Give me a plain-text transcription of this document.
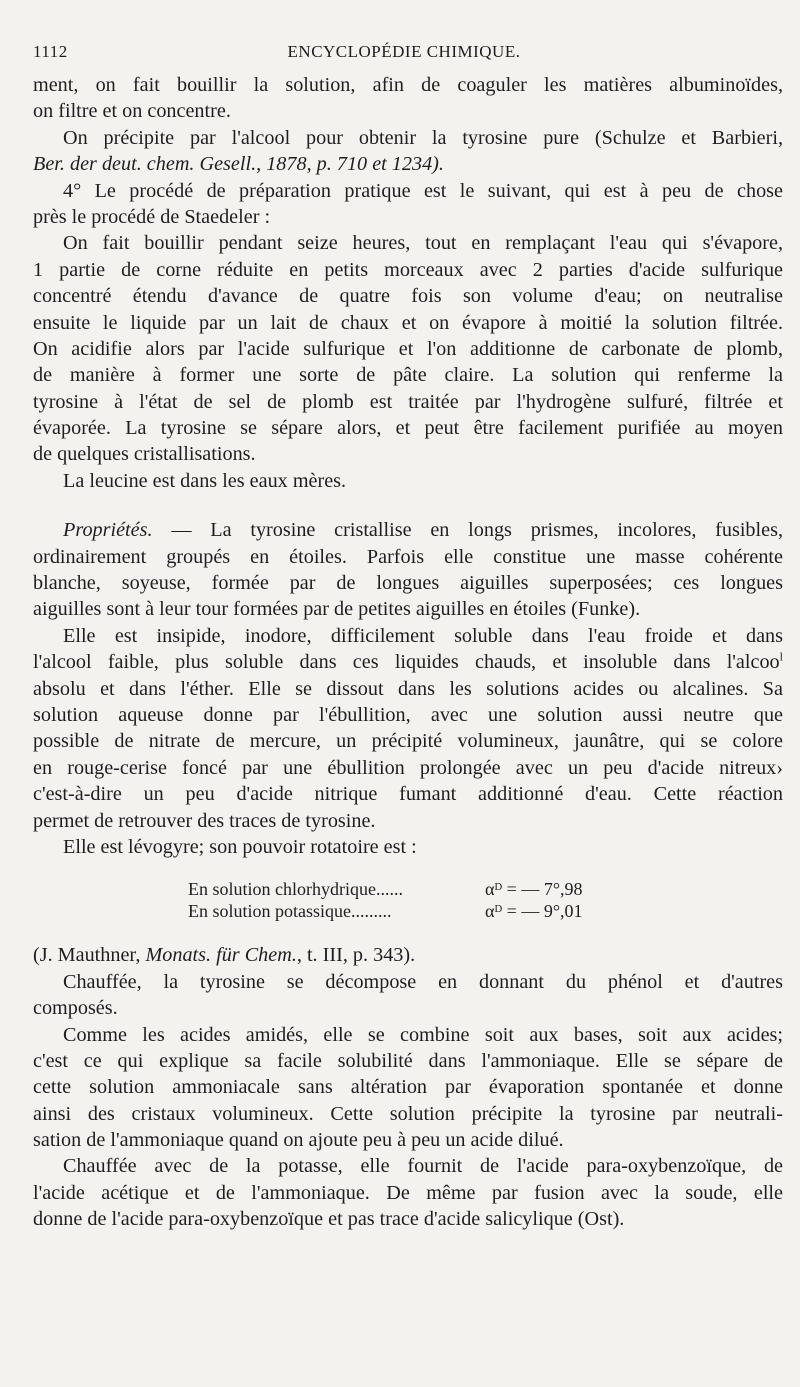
1112	ENCYCLOPÉDIE CHIMIQUE.
ment, on fait bouillir la solution, afin de coaguler les matières albuminoïdes,
on filtre et on concentre.
On précipite par l'alcool pour obtenir la tyrosine pure (Schulze et Barbieri,
Ber. der deut. chem. Gesell., 1878, p. 710 et 1234).
4° Le procédé de préparation pratique est le suivant, qui est à peu de chose
près le procédé de Staedeler :
On fait bouillir pendant seize heures, tout en remplaçant l'eau qui s'évapore,
1 partie de corne réduite en petits morceaux avec 2 parties d'acide sulfurique
concentré étendu d'avance de quatre fois son volume d'eau; on neutralise
ensuite le liquide par un lait de chaux et on évapore à moitié la solution filtrée.
On acidifie alors par l'acide sulfurique et l'on additionne de carbonate de plomb,
de manière à former une sorte de pâte claire. La solution qui renferme la
tyrosine à l'état de sel de plomb est traitée par l'hydrogène sulfuré, filtrée et
évaporée. La tyrosine se sépare alors, et peut être facilement purifiée au moyen
de quelques cristallisations.
La leucine est dans les eaux mères.
Propriétés. — La tyrosine cristallise en longs prismes, incolores, fusibles,
ordinairement groupés en étoiles. Parfois elle constitue une masse cohérente
blanche, soyeuse, formée par de longues aiguilles superposées; ces longues
aiguilles sont à leur tour formées par de petites aiguilles en étoiles (Funke).
Elle est insipide, inodore, difficilement soluble dans l'eau froide et dans
l'alcool faible, plus soluble dans ces liquides chauds, et insoluble dans l'alcoo$^l$
absolu et dans l'éther. Elle se dissout dans les solutions acides ou alcalines. Sa
solution aqueuse donne par l'ébullition, avec une solution aussi neutre que
possible de nitrate de mercure, un précipité volumineux, jaunâtre, qui se colore
en rouge-cerise foncé par une ébullition prolongée avec un peu d'acide nitreux›
c'est-à-dire un peu d'acide nitrique fumant additionné d'eau. Cette réaction
permet de retrouver des traces de tyrosine.
Elle est lévogyre; son pouvoir rotatoire est :
En solution chlorhydrique......	αᴰ = — 7°,98
En solution potassique.........	αᴰ = — 9°,01
(J. Mauthner, Monats. für Chem., t. III, p. 343).
Chauffée, la tyrosine se décompose en donnant du phénol et d'autres
composés.
Comme les acides amidés, elle se combine soit aux bases, soit aux acides;
c'est ce qui explique sa facile solubilité dans l'ammoniaque. Elle se sépare de
cette solution ammoniacale sans altération par évaporation spontanée et donne
ainsi des cristaux volumineux. Cette solution précipite la tyrosine par neutrali-
sation de l'ammoniaque quand on ajoute peu à peu un acide dilué.
Chauffée avec de la potasse, elle fournit de l'acide para-oxybenzoïque, de
l'acide acétique et de l'ammoniaque. De même par fusion avec la soude, elle
donne de l'acide para-oxybenzoïque et pas trace d'acide salicylique (Ost).
